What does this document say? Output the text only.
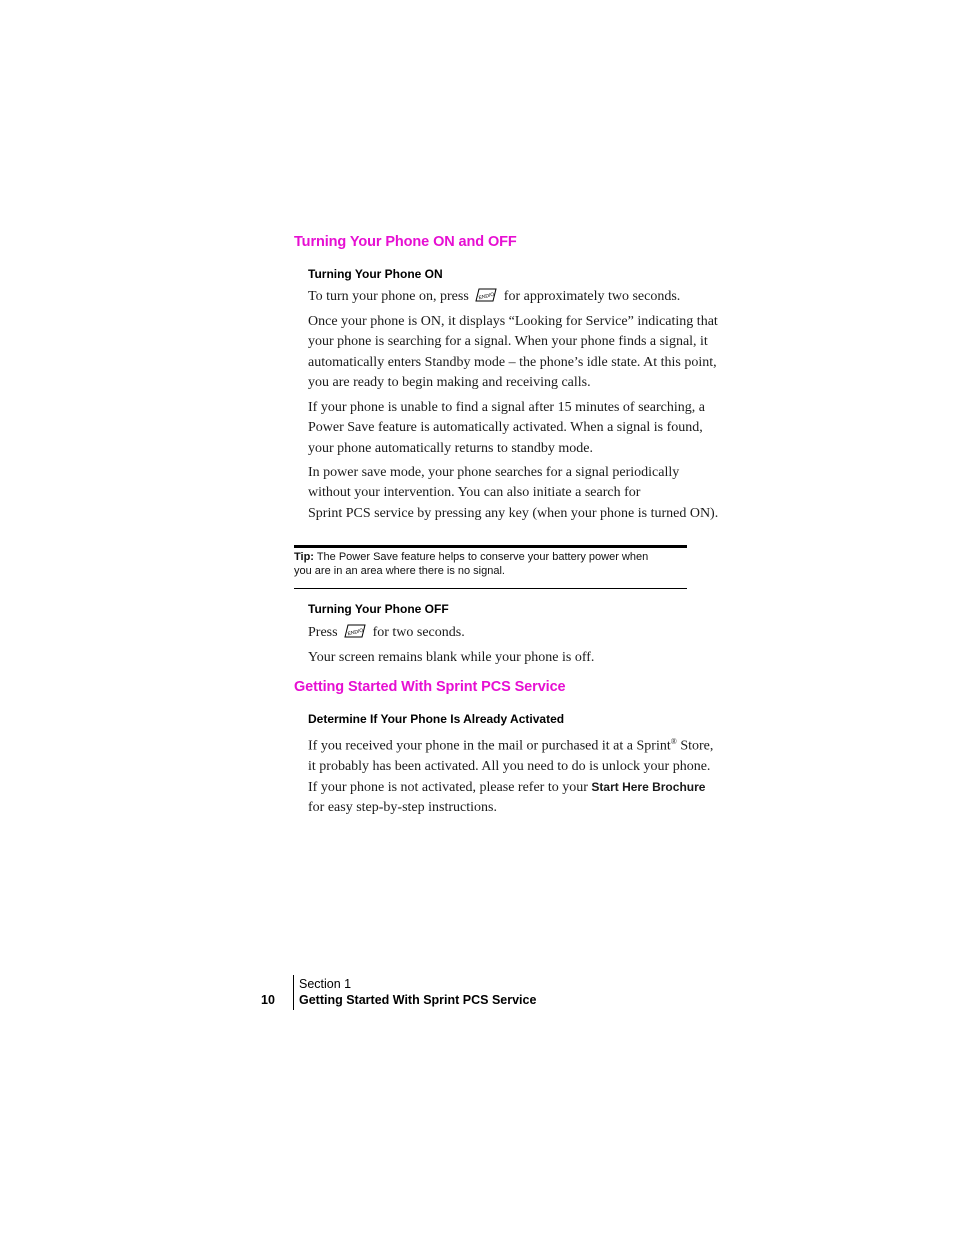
Turning Your Phone ON and OFF
Turning Your Phone ON
To turn your phone on, press END/O for approximately two seconds.
Once your phone is ON, it displays “Looking for Service” indicating that
your phone is searching for a signal. When your phone finds a signal, it
automatically enters Standby mode – the phone’s idle state. At this point,
you are ready to begin making and receiving calls.
If your phone is unable to find a signal after 15 minutes of searching, a
Power Save feature is automatically activated. When a signal is found,
your phone automatically returns to standby mode.
In power save mode, your phone searches for a signal periodically
without your intervention. You can also initiate a search for
Sprint PCS service by pressing any key (when your phone is turned ON).
Tip: The Power Save feature helps to conserve your battery power when
you are in an area where there is no signal.
Turning Your Phone OFF
Press END/O for two seconds.
Your screen remains blank while your phone is off.
Getting Started With Sprint PCS Service
Determine If Your Phone Is Already Activated
If you received your phone in the mail or purchased it at a Sprint® Store,
it probably has been activated. All you need to do is unlock your phone.
If your phone is not activated, please refer to your Start Here Brochure
for easy step-by-step instructions.
Section 1
Getting Started With Sprint PCS Service
10
